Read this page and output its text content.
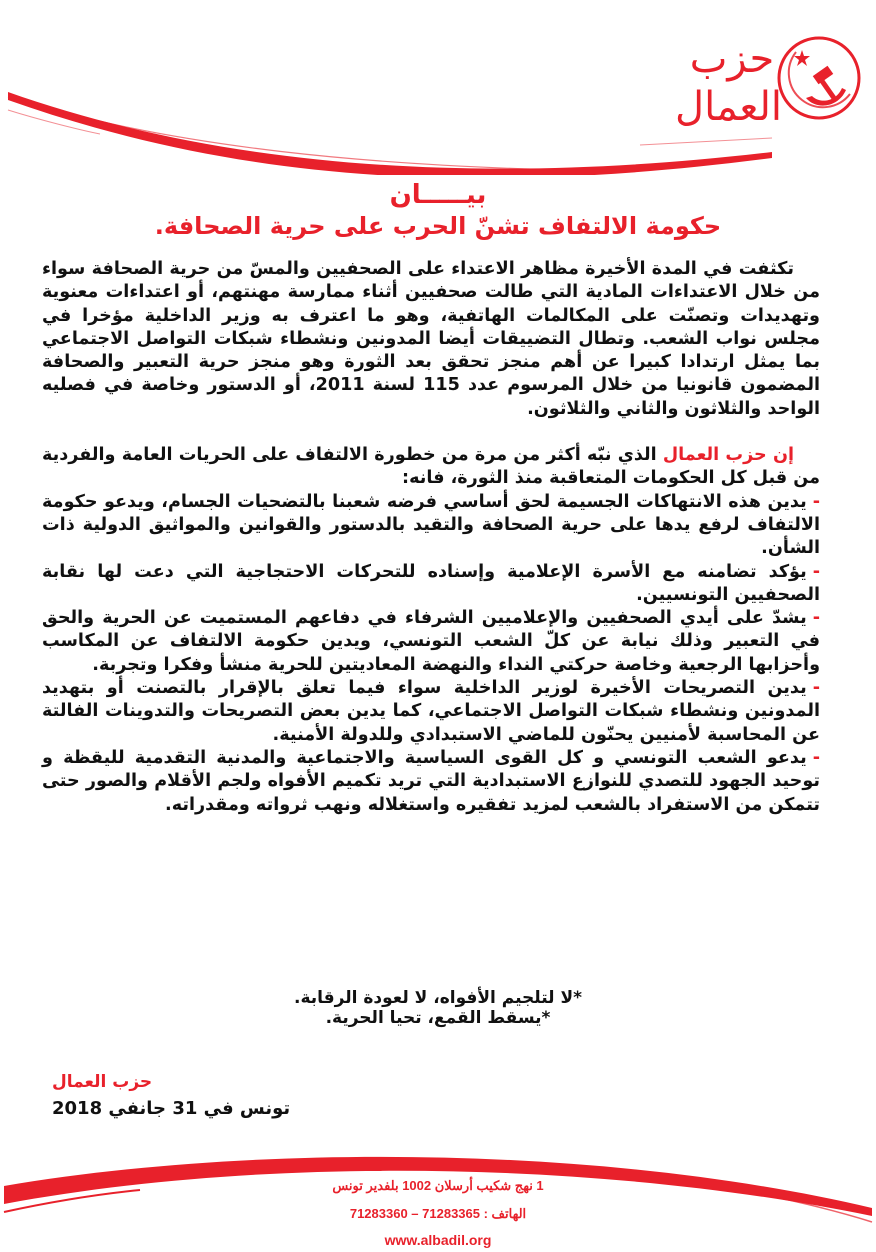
حزب
العمال
بيـــــان
حكومة الالتفاف تشنّ الحرب على حرية الصحافة.

تكثفت في المدة الأخيرة مظاهر الاعتداء على الصحفيين والمسّ من حرية الصحافة سواء من خلال الاعتداءات المادية التي طالت صحفيين أثناء ممارسة مهنتهم، أو اعتداءات معنوية وتهديدات وتصنّت على المكالمات الهاتفية، وهو ما اعترف به وزير الداخلية مؤخرا في مجلس نواب الشعب. وتطال التضييقات أيضا المدونين ونشطاء شبكات التواصل الاجتماعي بما يمثل ارتدادا كبيرا عن أهم منجز تحقق بعد الثورة وهو منجز حرية التعبير والصحافة المضمون قانونيا من خلال المرسوم عدد 115 لسنة 2011، أو الدستور وخاصة في فصليه الواحد والثلاثون والثاني والثلاثون.

إن حزب العمال الذي نبّه أكثر من مرة من خطورة الالتفاف على الحريات العامة والفردية من قبل كل الحكومات المتعاقبة منذ الثورة، فانه:

-يدين هذه الانتهاكات الجسيمة لحق أساسي فرضه شعبنا بالتضحيات الجسام، ويدعو حكومة الالتفاف لرفع يدها على حرية الصحافة والتقيد بالدستور والقوانين والمواثيق الدولية ذات الشأن.

-يؤكد تضامنه مع الأسرة الإعلامية وإسناده للتحركات الاحتجاجية التي دعت لها نقابة الصحفيين التونسيين.

-يشدّ على أيدي الصحفيين والإعلاميين الشرفاء في دفاعهم المستميت عن الحرية والحق في التعبير وذلك نيابة عن كلّ الشعب التونسي، ويدين حكومة الالتفاف عن المكاسب وأحزابها الرجعية وخاصة حركتي النداء والنهضة المعاديتين للحرية منشأ وفكرا وتجربة.

-يدين التصريحات الأخيرة لوزير الداخلية سواء فيما تعلق بالإقرار بالتصنت أو بتهديد المدونين ونشطاء شبكات التواصل الاجتماعي، كما يدين بعض التصريحات والتدوينات الفالتة عن المحاسبة لأمنيين يحنّون للماضي الاستبدادي وللدولة الأمنية.

-يدعو الشعب التونسي و كل القوى السياسية والاجتماعية والمدنية التقدمية لليقظة و توحيد الجهود للتصدي للنوازع الاستبدادية التي تريد تكميم الأفواه ولجم الأقلام والصور حتى تتمكن من الاستفراد بالشعب لمزيد تفقيره واستغلاله ونهب ثرواته ومقدراته.

*لا لتلجيم الأفواه، لا لعودة الرقابة.
*يسقط القمع، تحيا الحرية.
حزب العمال
تونس في 31 جانفي 2018
1 نهج شكيب أرسلان 1002 بلفدير تونس
الهاتف : 71283365 – 71283360
www.albadil.org
